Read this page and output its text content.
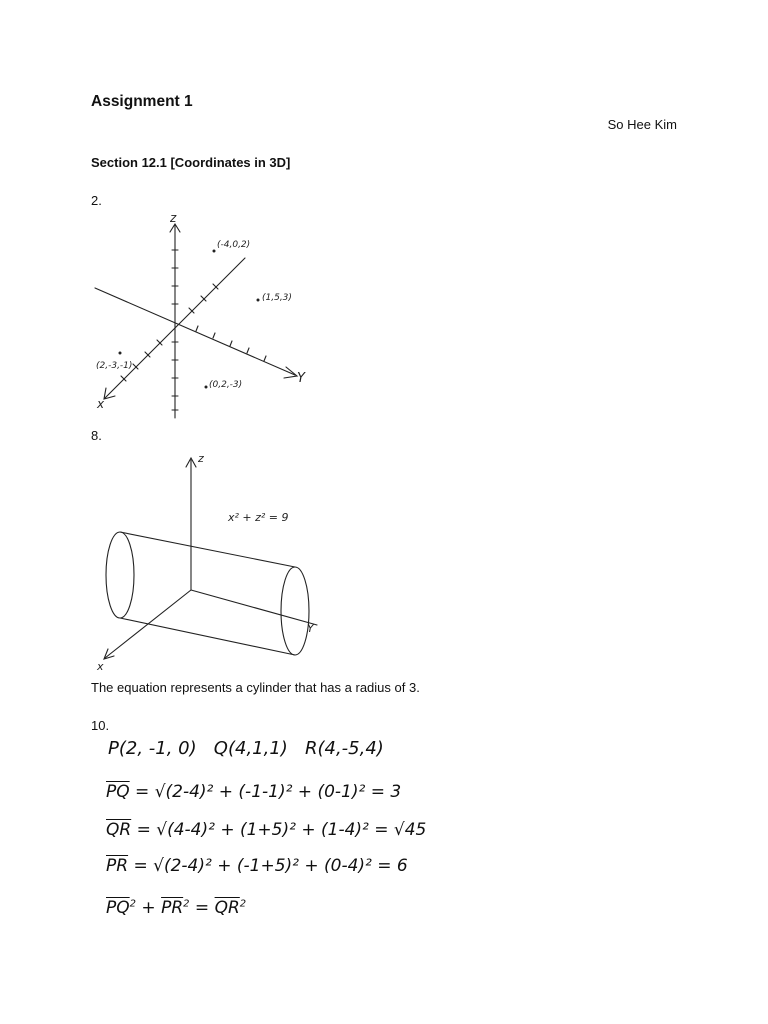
Assignment 1
So Hee Kim
Section 12.1 [Coordinates in 3D]
2.
z
Y
x
(-4,0,2)
(1,5,3)
(2,-3,-1)
(0,2,-3)
8.
z
Y
x
x² + z² = 9
The equation represents a cylinder that has a radius of 3.
10.
P(2, -1, 0)   Q(4,1,1)   R(4,-5,4)
$\overline{PQ} = √(2-4)^2 + (-1-1)^2 + (0-1)^2 = 3$
$\overline{QR} = √(4-4)^2 + (1+5)^2 + (1-4)^2 = √45$
$\overline{PR} = √(2-4)^2 + (-1+5)^2 + (0-4)^2 = 6$
$\overline{PQ}^2 + \overline{PR}^2 = \overline{QR}^2$
